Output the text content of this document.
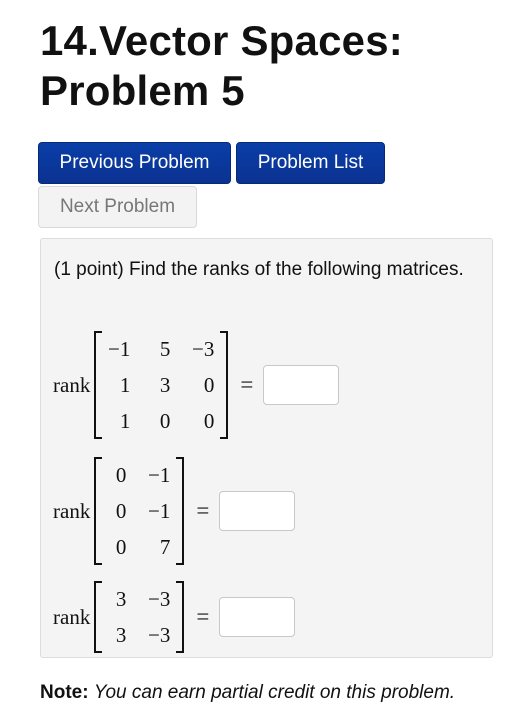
14.Vector Spaces:
Problem 5
Previous Problem	Problem List
Next Problem

(1 point) Find the ranks of the following matrices.

rank
−1	5	−3
1	3	0
1	0	0
=
rank
0	−1
0	−1
0	7
=
rank
3	−3
3	−3
=

Note: You can earn partial credit on this problem.
